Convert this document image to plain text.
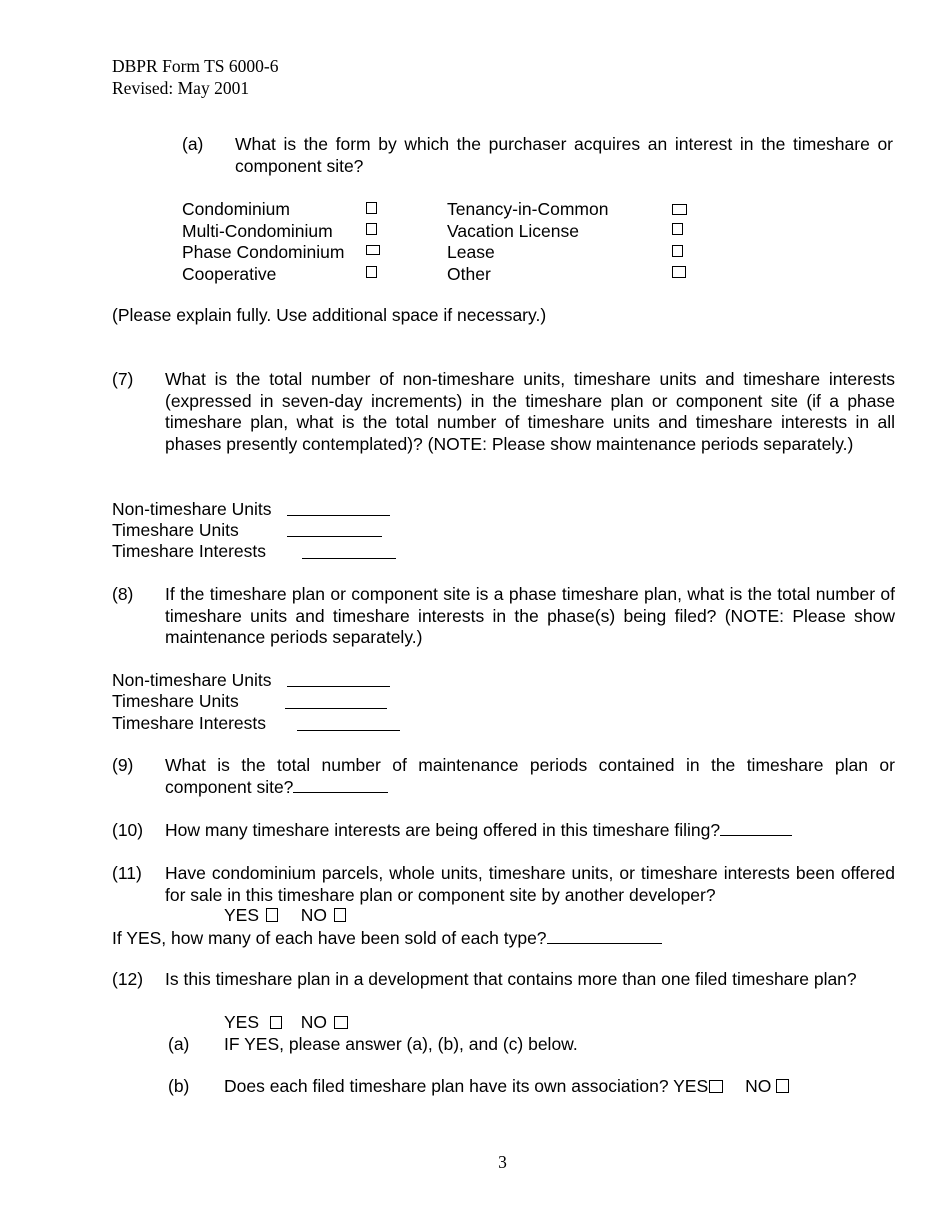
DBPR Form TS 6000-6
Revised: May 2001
(a) What is the form by which the purchaser acquires an interest in the timeshare or component site?
Condominium
Multi-Condominium
Phase Condominium
Cooperative
Tenancy-in-Common
Vacation License
Lease
Other
(Please explain fully. Use additional space if necessary.)
(7) What is the total number of non-timeshare units, timeshare units and timeshare interests (expressed in seven-day increments) in the timeshare plan or component site (if a phase timeshare plan, what is the total number of timeshare units and timeshare interests in all phases presently contemplated)? (NOTE: Please show maintenance periods separately.)
Non-timeshare Units
Timeshare Units
Timeshare Interests
(8) If the timeshare plan or component site is a phase timeshare plan, what is the total number of timeshare units and timeshare interests in the phase(s) being filed? (NOTE: Please show maintenance periods separately.)
Non-timeshare Units
Timeshare Units
Timeshare Interests
(9) What is the total number of maintenance periods contained in the timeshare plan or component site?
(10) How many timeshare interests are being offered in this timeshare filing?
(11) Have condominium parcels, whole units, timeshare units, or timeshare interests been offered for sale in this timeshare plan or component site by another developer?
YES NO
If YES, how many of each have been sold of each type?
(12) Is this timeshare plan in a development that contains more than one filed timeshare plan?
YES NO
(a) IF YES, please answer (a), (b), and (c) below.
(b) Does each filed timeshare plan have its own association? YES NO
3
